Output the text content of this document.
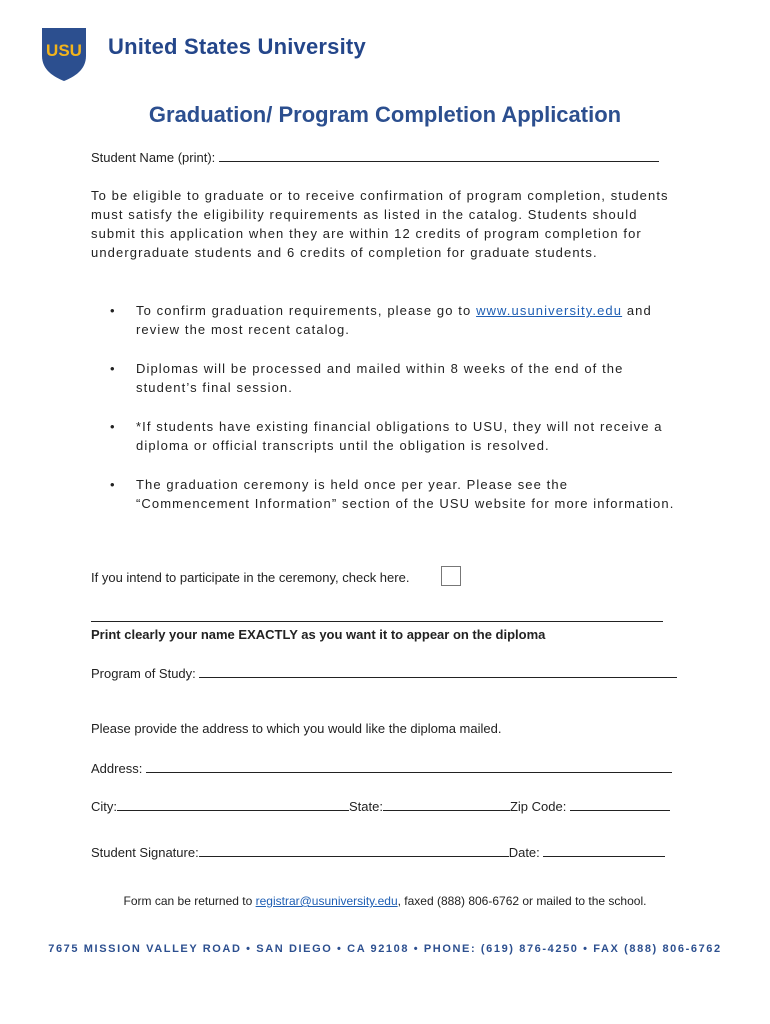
USU United States University
Graduation/ Program Completion Application
Student Name (print):
To be eligible to graduate or to receive confirmation of program completion, students must satisfy the eligibility requirements as listed in the catalog. Students should submit this application when they are within 12 credits of program completion for undergraduate students and 6 credits of completion for graduate students.
• To confirm graduation requirements, please go to www.usuniversity.edu and review the most recent catalog.
• Diplomas will be processed and mailed within 8 weeks of the end of the student’s final session.
• *If students have existing financial obligations to USU, they will not receive a diploma or official transcripts until the obligation is resolved.
• The graduation ceremony is held once per year. Please see the “Commencement Information” section of the USU website for more information.
If you intend to participate in the ceremony, check here.
Print clearly your name EXACTLY as you want it to appear on the diploma
Program of Study:
Please provide the address to which you would like the diploma mailed.
Address:
City:	State:	Zip Code:
Student Signature:	Date:
Form can be returned to registrar@usuniversity.edu, faxed (888) 806-6762 or mailed to the school.
7675 MISSION VALLEY ROAD • SAN DIEGO • CA 92108 • PHONE: (619) 876-4250 • FAX (888) 806-6762
